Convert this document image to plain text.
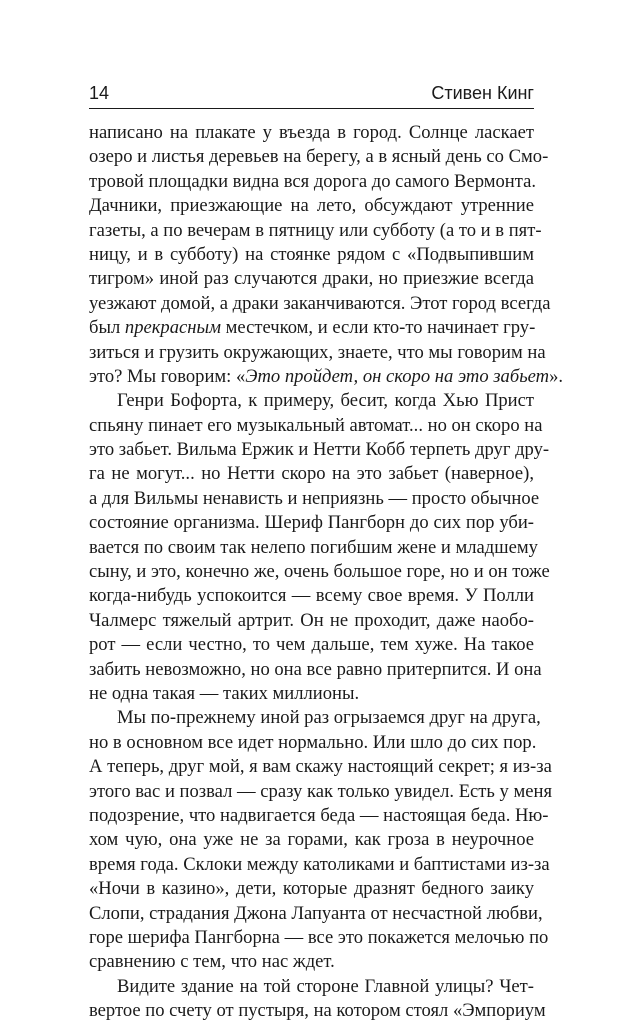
14	Стивен Кинг
написано на плакате у въезда в город. Солнце ласкает
озеро и листья деревьев на берегу, а в ясный день со Смо-
тровой площадки видна вся дорога до самого Вермонта.
Дачники, приезжающие на лето, обсуждают утренние
газеты, а по вечерам в пятницу или субботу (а то и в пят-
ницу, и в субботу) на стоянке рядом с «Подвыпившим
тигром» иной раз случаются драки, но приезжие всегда
уезжают домой, а драки заканчиваются. Этот город всегда
был прекрасным местечком, и если кто-то начинает гру-
зиться и грузить окружающих, знаете, что мы говорим на
это? Мы говорим: «Это пройдет, он скоро на это забьет».
Генри Бофорта, к примеру, бесит, когда Хью Прист
спьяну пинает его музыкальный автомат... но он скоро на
это забьет. Вильма Ержик и Нетти Кобб терпеть друг дру-
га не могут... но Нетти скоро на это забьет (наверное),
а для Вильмы ненависть и неприязнь — просто обычное
состояние организма. Шериф Пангборн до сих пор уби-
вается по своим так нелепо погибшим жене и младшему
сыну, и это, конечно же, очень большое горе, но и он тоже
когда-нибудь успокоится — всему свое время. У Полли
Чалмерс тяжелый артрит. Он не проходит, даже наобо-
рот — если честно, то чем дальше, тем хуже. На такое
забить невозможно, но она все равно притерпится. И она
не одна такая — таких миллионы.
Мы по-прежнему иной раз огрызаемся друг на друга,
но в основном все идет нормально. Или шло до сих пор.
А теперь, друг мой, я вам скажу настоящий секрет; я из-за
этого вас и позвал — сразу как только увидел. Есть у меня
подозрение, что надвигается беда — настоящая беда. Ню-
хом чую, она уже не за горами, как гроза в неурочное
время года. Склоки между католиками и баптистами из-за
«Ночи в казино», дети, которые дразнят бедного заику
Слопи, страдания Джона Лапуанта от несчастной любви,
горе шерифа Пангборна — все это покажется мелочью по
сравнению с тем, что нас ждет.
Видите здание на той стороне Главной улицы? Чет-
вертое по счету от пустыря, на котором стоял «Эмпориум
